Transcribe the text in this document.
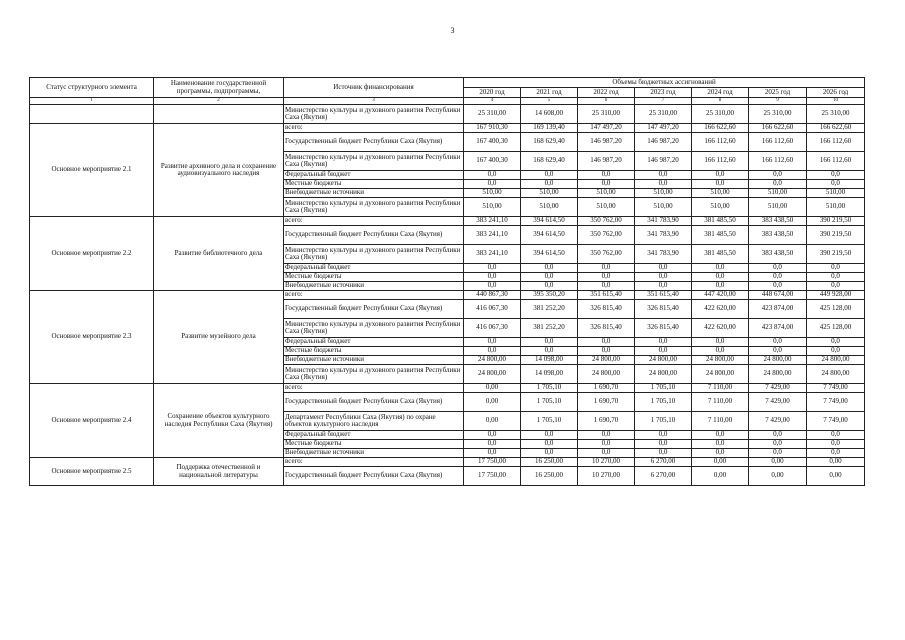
3
Статус структурного элемента	Наименование государственной программы, подпрограммы,	Источник финансирования	Объемы бюджетных ассигнований						
			2020 год	2021 год	2022 год	2023 год	2024 год	2025 год	2026 год
1	2	3	4	5	6	7	8	9	10
		Министерство культуры и духовного развития Республики Саха (Якутия)	25 310,00	14 608,00	25 310,00	25 310,00	25 310,00	25 310,00	25 310,00
Основное мероприятие 2.1	Развитие архивного дела и сохранение аудиовизуального наследия	всего:	167 910,30	169 139,40	147 497,20	147 497,20	166 622,60	166 622,60	166 622,60
		Государственный бюджет Республики Саха (Якутия)	167 400,30	168 629,40	146 987,20	146 987,20	166 112,60	166 112,60	166 112,60
		Министерство культуры и духовного развития Республики Саха (Якутия)	167 400,30	168 629,40	146 987,20	146 987,20	166 112,60	166 112,60	166 112,60
		Федеральный бюджет	0,0	0,0	0,0	0,0	0,0	0,0	0,0
		Местные бюджеты	0,0	0,0	0,0	0,0	0,0	0,0	0,0
		Внебюджетные источники	510,00	510,00	510,00	510,00	510,00	510,00	510,00
		Министерство культуры и духовного развития Республики Саха (Якутия)	510,00	510,00	510,00	510,00	510,00	510,00	510,00
Основное мероприятие 2.2	Развитие библиотечного дела	всего:	383 241,10	394 614,50	350 762,00	341 783,90	381 485,50	383 438,50	390 219,50
		Государственный бюджет Республики Саха (Якутия)	383 241,10	394 614,50	350 762,00	341 783,90	381 485,50	383 438,50	390 219,50
		Министерство культуры и духовного развития Республики Саха (Якутия)	383 241,10	394 614,50	350 762,00	341 783,90	381 485,50	383 438,50	390 219,50
		Федеральный бюджет	0,0	0,0	0,0	0,0	0,0	0,0	0,0
		Местные бюджеты	0,0	0,0	0,0	0,0	0,0	0,0	0,0
		Внебюджетные источники	0,0	0,0	0,0	0,0	0,0	0,0	0,0
Основное мероприятие 2.3	Развитие музейного дела	всего:	440 867,30	395 350,20	351 615,40	351 615,40	447 420,00	448 674,00	449 928,00
		Государственный бюджет Республики Саха (Якутия)	416 067,30	381 252,20	326 815,40	326 815,40	422 620,00	423 874,00	425 128,00
		Министерство культуры и духовного развития Республики Саха (Якутия)	416 067,30	381 252,20	326 815,40	326 815,40	422 620,00	423 874,00	425 128,00
		Федеральный бюджет	0,0	0,0	0,0	0,0	0,0	0,0	0,0
		Местные бюджеты	0,0	0,0	0,0	0,0	0,0	0,0	0,0
		Внебюджетные источники	24 800,00	14 098,00	24 800,00	24 800,00	24 800,00	24 800,00	24 800,00
		Министерство культуры и духовного развития Республики Саха (Якутия)	24 800,00	14 098,00	24 800,00	24 800,00	24 800,00	24 800,00	24 800,00
Основное мероприятие 2.4	Сохранение объектов культурного наследия Республики Саха (Якутия)	всего:	0,00	1 705,10	1 690,70	1 705,10	7 110,00	7 429,00	7 749,00
		Государственный бюджет Республики Саха (Якутия)	0,00	1 705,10	1 690,70	1 705,10	7 110,00	7 429,00	7 749,00
		Департамент Республики Саха (Якутия) по охране объектов культурного наследия	0,00	1 705,10	1 690,70	1 705,10	7 110,00	7 429,00	7 749,00
		Федеральный бюджет	0,0	0,0	0,0	0,0	0,0	0,0	0,0
		Местные бюджеты	0,0	0,0	0,0	0,0	0,0	0,0	0,0
		Внебюджетные источники	0,0	0,0	0,0	0,0	0,0	0,0	0,0
Основное мероприятие 2.5	Поддержка отечественной и национальной литературы	всего:	17 750,00	16 250,00	10 270,00	6 270,00	0,00	0,00	0,00
		Государственный бюджет Республики Саха (Якутия)	17 750,00	16 250,00	10 270,00	6 270,00	0,00	0,00	0,00
